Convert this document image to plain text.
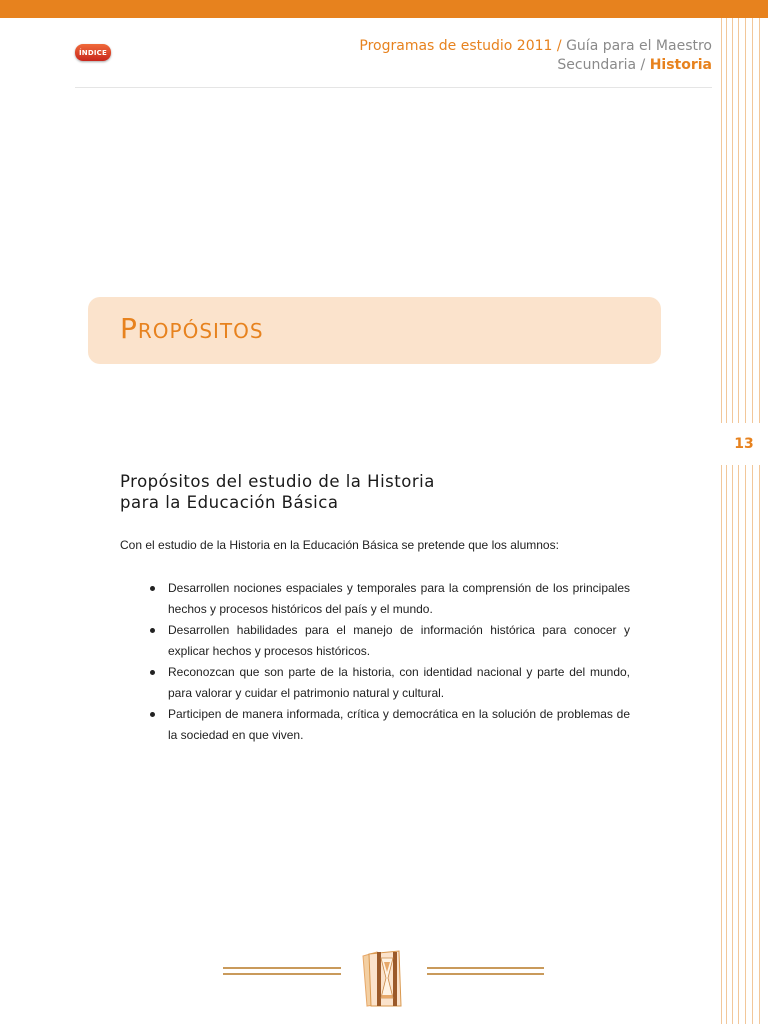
13
ÍNDICE	Programas de estudio 2011 / Guía para el Maestro
Secundaria / Historia
Propósitos
Propósitos del estudio de la Historia
para la Educación Básica
Con el estudio de la Historia en la Educación Básica se pretende que los alumnos:
Desarrollen nociones espaciales y temporales para la comprensión de los principales hechos y procesos históricos del país y el mundo.
Desarrollen habilidades para el manejo de información histórica para conocer y explicar hechos y procesos históricos.
Reconozcan que son parte de la historia, con identidad nacional y parte del mundo, para valorar y cuidar el patrimonio natural y cultural.
Participen de manera informada, crítica y democrática en la solución de problemas de la sociedad en que viven.
